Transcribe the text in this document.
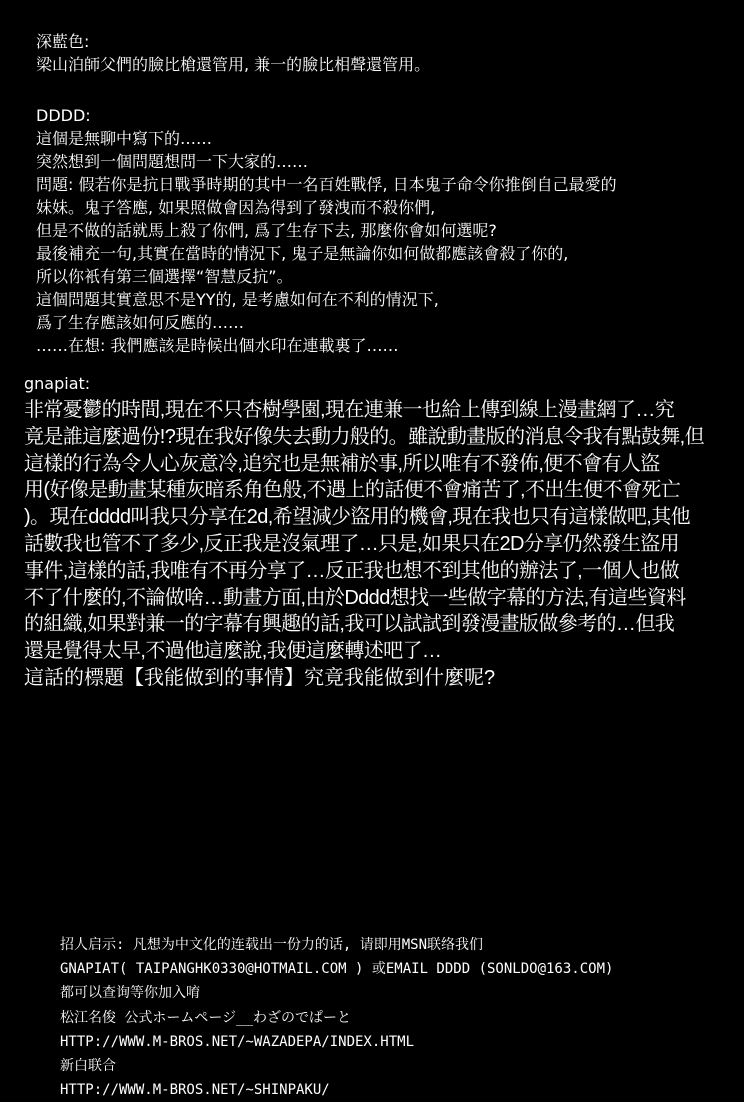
深藍色:
梁山泊師父們的臉比槍還管用, 兼一的臉比相聲還管用。
DDDD:
這個是無聊中寫下的……
突然想到一個問題想問一下大家的……
問題: 假若你是抗日戰爭時期的其中一名百姓戰俘, 日本鬼子命令你推倒自己最愛的
妹妹。鬼子答應, 如果照做會因為得到了發洩而不殺你們,
但是不做的話就馬上殺了你們, 爲了生存下去, 那麼你會如何選呢?
最後補充一句,其實在當時的情況下, 鬼子是無論你如何做都應該會殺了你的,
所以你衹有第三個選擇“智慧反抗”。
這個問題其實意思不是YY的, 是考慮如何在不利的情況下,
爲了生存應該如何反應的……
……在想: 我們應該是時候出個水印在連載裏了……
gnapiat:
非常憂鬱的時間,現在不只杏樹學園,現在連兼一也給上傳到線上漫畫網了…究
竟是誰這麼過份!?現在我好像失去動力般的。雖說動畫版的消息令我有點鼓舞,但
這樣的行為令人心灰意冷,追究也是無補於事,所以唯有不發佈,便不會有人盜
用(好像是動畫某種灰暗系角色般,不遇上的話便不會痛苦了,不出生便不會死亡
)。現在dddd叫我只分享在2d,希望減少盜用的機會,現在我也只有這樣做吧,其他
話數我也管不了多少,反正我是沒氣理了…只是,如果只在2D分享仍然發生盜用
事件,這樣的話,我唯有不再分享了…反正我也想不到其他的辦法了,一個人也做
不了什麼的,不論做啥…動畫方面,由於Dddd想找一些做字幕的方法,有這些資料
的組織,如果對兼一的字幕有興趣的話,我可以試試到發漫畫版做參考的…但我
還是覺得太早,不過他這麼說,我便這麼轉述吧了…
這話的標題【我能做到的事情】究竟我能做到什麼呢?
招人启示: 凡想为中文化的连载出一份力的话, 请即用MSN联络我们
GNAPIAT( TAIPANGHK0330@HOTMAIL.COM ) 或EMAIL DDDD (SONLDO@163.COM)
都可以查询等你加入唷
松江名俊 公式ホームページ__わざのでぱーと
HTTP://WWW.M-BROS.NET/~WAZADEPA/INDEX.HTML
新白联合
HTTP://WWW.M-BROS.NET/~SHINPAKU/
